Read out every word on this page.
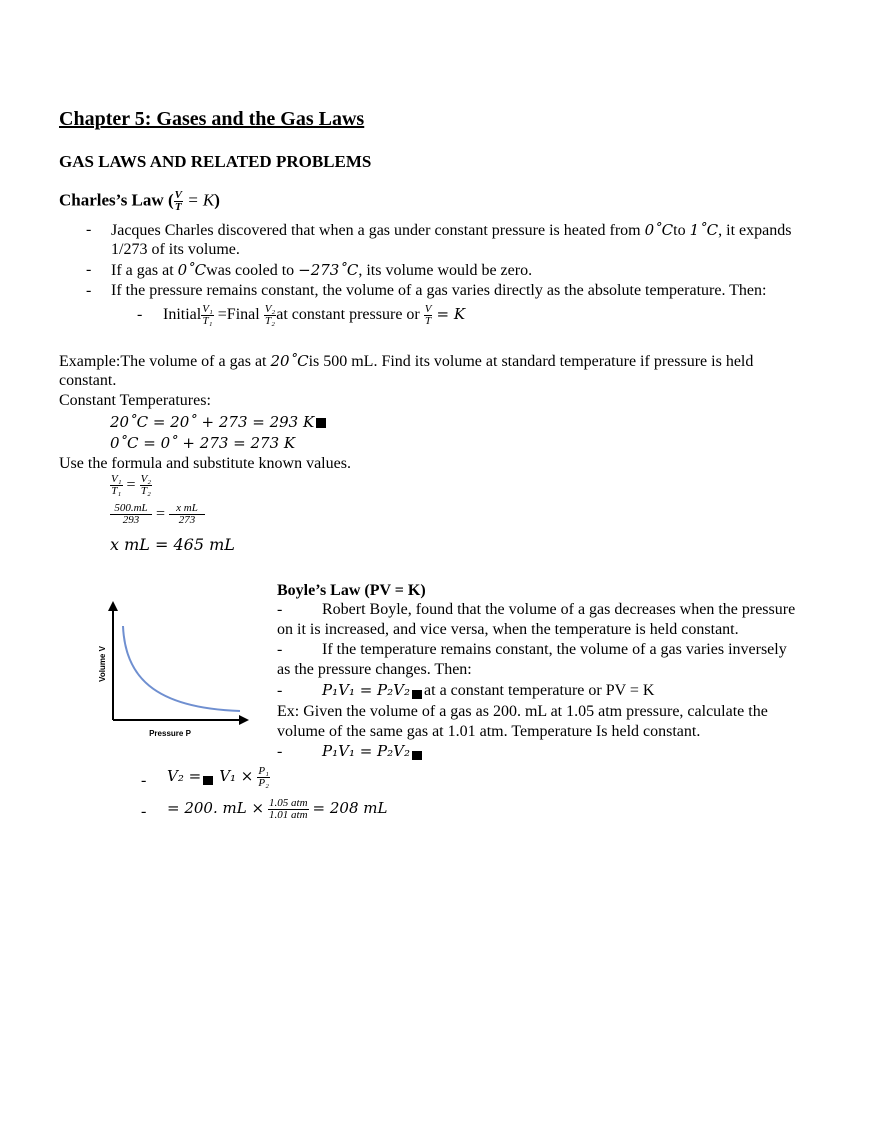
Chapter 5: Gases and the Gas Laws
GAS LAWS AND RELATED PROBLEMS
Charles’s Law ( $\frac{V}{T} = K$)
- Jacques Charles discovered that when a gas under constant pressure is heated from 0˚Cto 1˚C, it expands
1/273 of its volume.
- If a gas at 0˚Cwas cooled to −273˚C, its volume would be zero.
- If the pressure remains constant, the volume of a gas varies directly as the absolute temperature. Then:
- Initial $\frac{\text{V₁}}{\text{T₁}}$ =Final $\frac{\text{V₂}}{\text{T₂}}$ at constant pressure or $\frac{V}{T} = K$
Example:The volume of a gas at 20˚Cis 500 mL. Find its volume at standard temperature if pressure is held
constant.
Constant Temperatures:
20˚C = 20˚ + 273 = 293 K
0˚C = 0˚ + 273 = 273 K
Use the formula and substitute known values.
$\frac{\text{V₁}}{\text{T₁}} = \frac{\text{V₂}}{\text{T₂}}$
$\frac{500.mL}{293} = \frac{\text{x mL}}{273}$
x mL = 465 mL
Volume V
Pressure P
Boyle’s Law (PV = K)
- Robert Boyle, found that the volume of a gas decreases when the pressure
on it is increased, and vice versa, when the temperature is held constant.
- If the temperature remains constant, the volume of a gas varies inversely
as the pressure changes. Then:
-	P₁V₁ = P₂V₂ at a constant temperature or PV = K
Ex: Given the volume of a gas as 200. mL at 1.05 atm pressure, calculate the
volume of the same gas at 1.01 atm. Temperature Is held constant.
-	P₁V₁ = P₂V₂
- $V_2 = V_1 \times \frac{\text{P₁}}{\text{P₂}}$
- = 200. mL × $\frac{\text{1.05 atm}}{\text{1.01 atm}} = 208$ mL
